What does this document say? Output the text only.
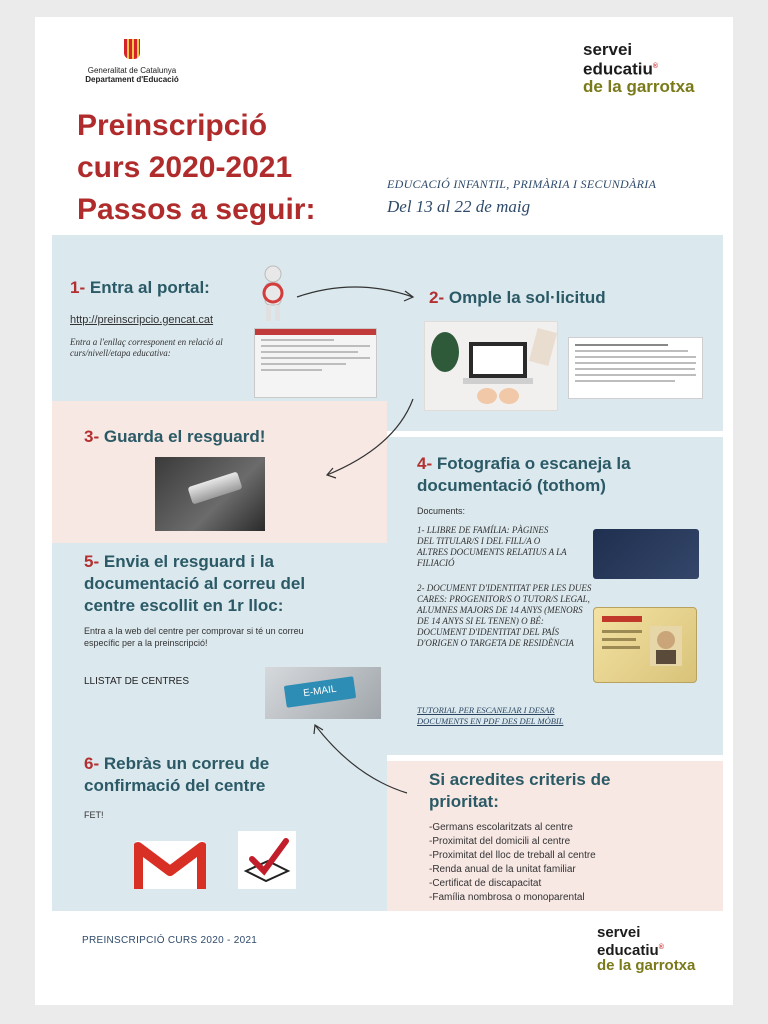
Generalitat de Catalunya
Departament d'Educació
servei
educatiu®
de la garrotxa
Preinscripció
curs 2020-2021
Passos a seguir:
EDUCACIÓ INFANTIL, PRIMÀRIA I SECUNDÀRIA
Del 13 al 22 de maig
1- Entra al portal:
http://preinscripcio.gencat.cat
Entra a l'enllaç corresponent en relació al curs/nivell/etapa educativa:
2- Omple la sol·licitud
3- Guarda el resguard!
4- Fotografia o escaneja la documentació (tothom)
Documents:
1- LLIBRE DE FAMÍLIA: PÀGINES DEL TITULAR/S I DEL FILL/A O ALTRES DOCUMENTS RELATIUS A LA FILIACIÓ
2- DOCUMENT D'IDENTITAT PER LES DUES CARES: PROGENITOR/S O TUTOR/S LEGAL, ALUMNES MAJORS DE 14 ANYS (MENORS DE 14 ANYS SI EL TENEN) O BÉ: DOCUMENT D'IDENTITAT DEL PAÍS D'ORIGEN O TARGETA DE RESIDÈNCIA
TUTORIAL PER ESCANEJAR I DESAR DOCUMENTS EN PDF DES DEL MÒBIL
5- Envia el resguard i la documentació al correu del centre escollit en 1r lloc:
Entra a la web del centre per comprovar si té un correu específic per a la preinscripció!
LLISTAT DE CENTRES
E-MAIL
6- Rebràs un correu de confirmació del centre
FET!
Si acredites criteris de prioritat:
-Germans escolaritzats al centre
-Proximitat del domicili al centre
-Proximitat del lloc de treball al centre
-Renda anual de la unitat familiar
-Certificat de discapacitat
-Família nombrosa o monoparental
PREINSCRIPCIÓ CURS 2020 - 2021	servei
educatiu®
de la garrotxa
